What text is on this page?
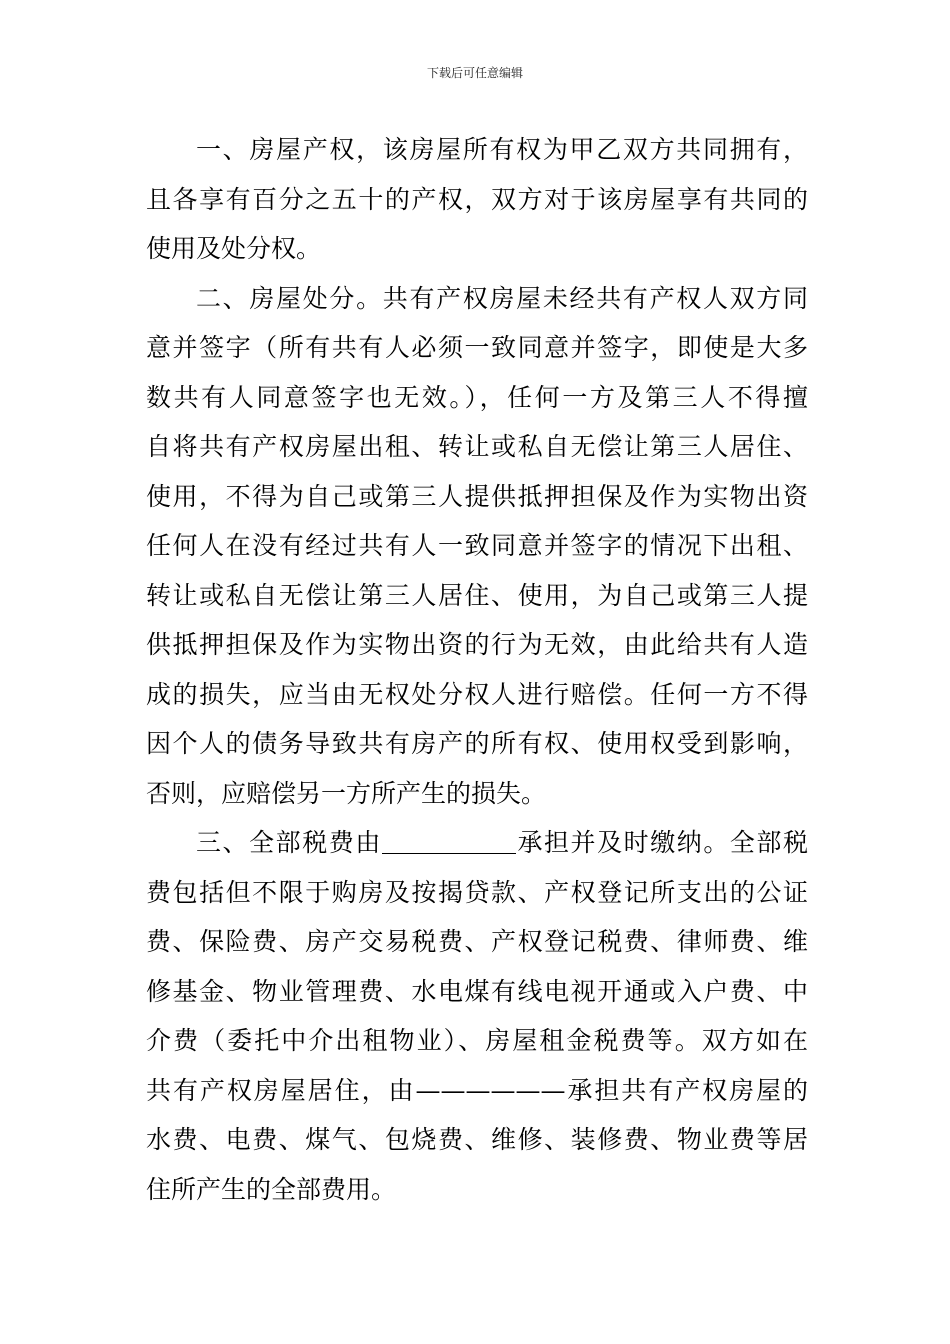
下载后可任意编辑

一、房屋产权，该房屋所有权为甲乙双方共同拥有，
且各享有百分之五十的产权，双方对于该房屋享有共同的
使用及处分权。

二、房屋处分。共有产权房屋未经共有产权人双方同
意并签字（所有共有人必须一致同意并签字，即使是大多
数共有人同意签字也无效。），任何一方及第三人不得擅
自将共有产权房屋出租、转让或私自无偿让第三人居住、
使用，不得为自己或第三人提供抵押担保及作为实物出资
任何人在没有经过共有人一致同意并签字的情况下出租、
转让或私自无偿让第三人居住、使用，为自己或第三人提
供抵押担保及作为实物出资的行为无效，由此给共有人造
成的损失，应当由无权处分权人进行赔偿。任何一方不得
因个人的债务导致共有房产的所有权、使用权受到影响，
否则，应赔偿另一方所产生的损失。

三、全部税费由	承担并及时缴纳。全部税
费包括但不限于购房及按揭贷款、产权登记所支出的公证
费、保险费、房产交易税费、产权登记税费、律师费、维
修基金、物业管理费、水电煤有线电视开通或入户费、中
介费（委托中介出租物业）、房屋租金税费等。双方如在
共有产权房屋居住，由——————承担共有产权房屋的
水费、电费、煤气、包烧费、维修、装修费、物业费等居
住所产生的全部费用。
